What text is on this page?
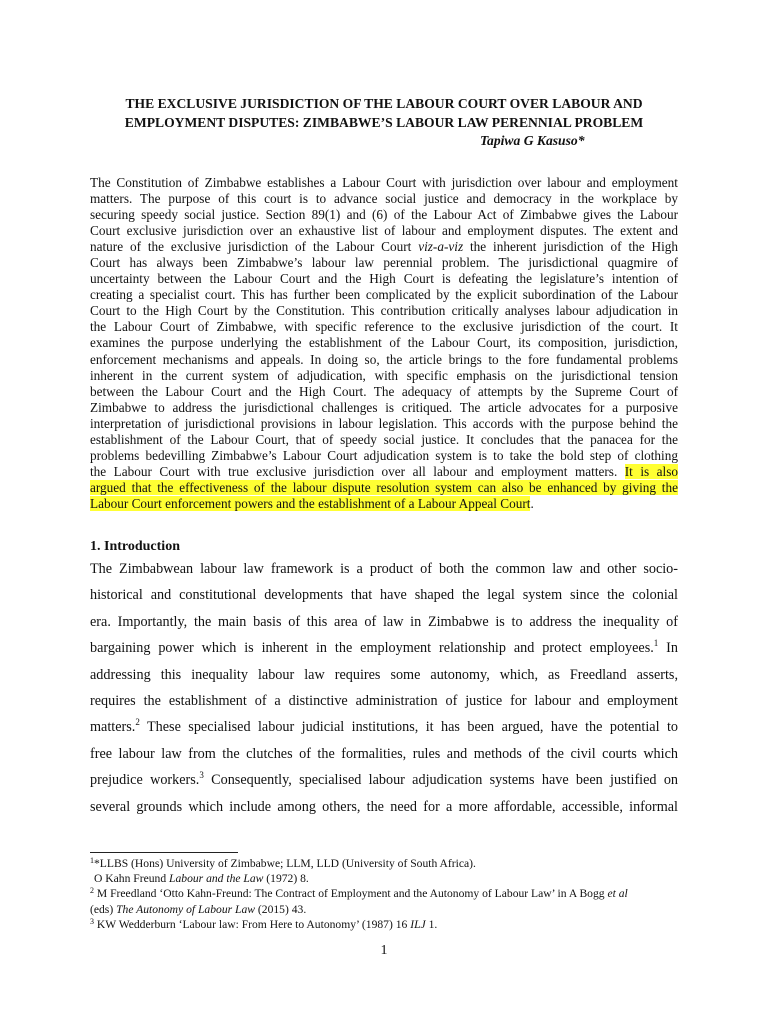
THE EXCLUSIVE JURISDICTION OF THE LABOUR COURT OVER LABOUR AND
EMPLOYMENT DISPUTES: ZIMBABWE’S LABOUR LAW PERENNIAL PROBLEM
Tapiwa G Kasuso*
The Constitution of Zimbabwe establishes a Labour Court with jurisdiction over labour and employment
matters. The purpose of this court is to advance social justice and democracy in the workplace by
securing speedy social justice. Section 89(1) and (6) of the Labour Act of Zimbabwe gives the Labour
Court exclusive jurisdiction over an exhaustive list of labour and employment disputes. The extent and
nature of the exclusive jurisdiction of the Labour Court viz-a-viz the inherent jurisdiction of the High
Court has always been Zimbabwe’s labour law perennial problem. The jurisdictional quagmire of
uncertainty between the Labour Court and the High Court is defeating the legislature’s intention of
creating a specialist court. This has further been complicated by the explicit subordination of the Labour
Court to the High Court by the Constitution. This contribution critically analyses labour adjudication in
the Labour Court of Zimbabwe, with specific reference to the exclusive jurisdiction of the court. It
examines the purpose underlying the establishment of the Labour Court, its composition, jurisdiction,
enforcement mechanisms and appeals. In doing so, the article brings to the fore fundamental problems
inherent in the current system of adjudication, with specific emphasis on the jurisdictional tension
between the Labour Court and the High Court. The adequacy of attempts by the Supreme Court of
Zimbabwe to address the jurisdictional challenges is critiqued. The article advocates for a purposive
interpretation of jurisdictional provisions in labour legislation. This accords with the purpose behind the
establishment of the Labour Court, that of speedy social justice. It concludes that the panacea for the
problems bedevilling Zimbabwe’s Labour Court adjudication system is to take the bold step of clothing
the Labour Court with true exclusive jurisdiction over all labour and employment matters. It is also
argued that the effectiveness of the labour dispute resolution system can also be enhanced by giving the
Labour Court enforcement powers and the establishment of a Labour Appeal Court.
1. Introduction
The Zimbabwean labour law framework is a product of both the common law and other socio-
historical and constitutional developments that have shaped the legal system since the colonial
era. Importantly, the main basis of this area of law in Zimbabwe is to address the inequality of
bargaining power which is inherent in the employment relationship and protect employees.$^1$ In
addressing this inequality labour law requires some autonomy, which, as Freedland asserts,
requires the establishment of a distinctive administration of justice for labour and employment
matters.$^2$ These specialised labour judicial institutions, it has been argued, have the potential to
free labour law from the clutches of the formalities, rules and methods of the civil courts which
prejudice workers.$^3$ Consequently, specialised labour adjudication systems have been justified on
several grounds which include among others, the need for a more affordable, accessible, informal
$^1$*LLBS (Hons) University of Zimbabwe; LLM, LLD (University of South Africa).
O Kahn Freund Labour and the Law (1972) 8.
$^2$ M Freedland ‘Otto Kahn-Freund: The Contract of Employment and the Autonomy of Labour Law’ in A Bogg et al
(eds) The Autonomy of Labour Law (2015) 43.
$^3$ KW Wedderburn ‘Labour law: From Here to Autonomy’ (1987) 16 ILJ 1.
1
